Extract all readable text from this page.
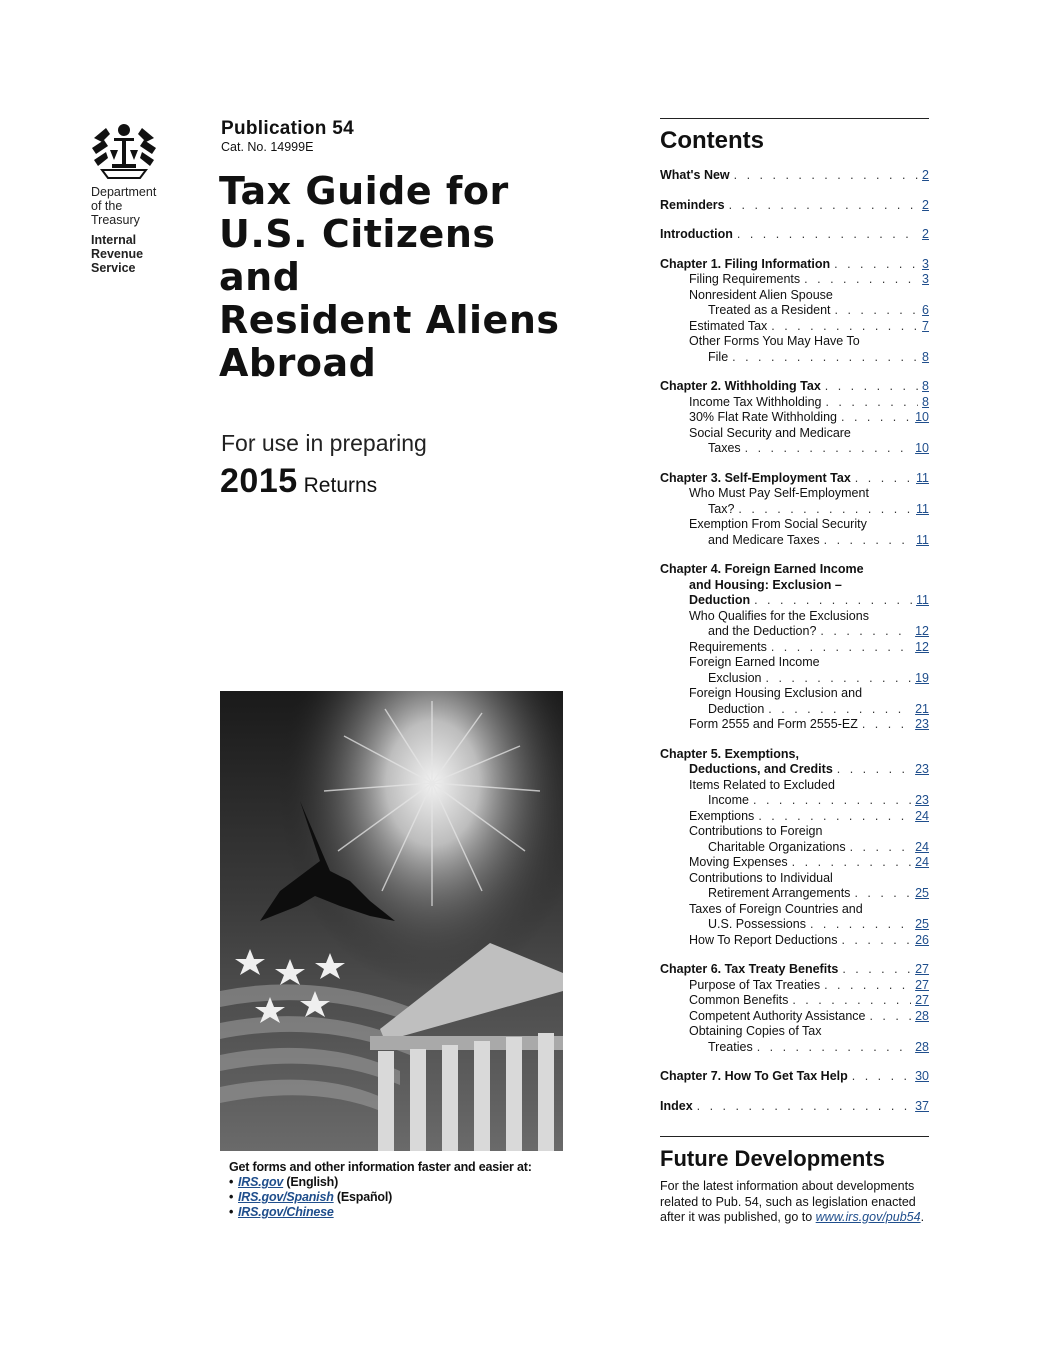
Department
of the
Treasury
Internal
Revenue
Service
Publication 54
Cat. No. 14999E
Tax Guide for
U.S. Citizens
and
Resident Aliens
Abroad
For use in preparing
2015 Returns
Get forms and other information faster and easier at:
• IRS.gov (English)
• IRS.gov/Spanish (Español)
• IRS.gov/Chinese
Contents
What's New . . .	2
Reminders . . .	2
Introduction . . .	2
Chapter 1. Filing Information . . .	3
Filing Requirements . . .	3
Nonresident Alien Spouse
Treated as a Resident . . .	6
Estimated Tax . . .	7
Other Forms You May Have To
File . . .	8
Chapter 2. Withholding Tax . . .	8
Income Tax Withholding . . .	8
30% Flat Rate Withholding . . .	10
Social Security and Medicare
Taxes . . .	10
Chapter 3. Self-Employment Tax . . .	11
Who Must Pay Self-Employment
Tax? . . .	11
Exemption From Social Security
and Medicare Taxes . . .	11
Chapter 4. Foreign Earned Income
and Housing: Exclusion –
Deduction . . .	11
Who Qualifies for the Exclusions
and the Deduction? . . .	12
Requirements . . .	12
Foreign Earned Income
Exclusion . . .	19
Foreign Housing Exclusion and
Deduction . . .	21
Form 2555 and Form 2555-EZ . . .	23
Chapter 5. Exemptions,
Deductions, and Credits . . .	23
Items Related to Excluded
Income . . .	23
Exemptions . . .	24
Contributions to Foreign
Charitable Organizations . . .	24
Moving Expenses . . .	24
Contributions to Individual
Retirement Arrangements . . .	25
Taxes of Foreign Countries and
U.S. Possessions . . .	25
How To Report Deductions . . .	26
Chapter 6. Tax Treaty Benefits . . .	27
Purpose of Tax Treaties . . .	27
Common Benefits . . .	27
Competent Authority Assistance . . .	28
Obtaining Copies of Tax
Treaties . . .	28
Chapter 7. How To Get Tax Help . . .	30
Index . . .	37
Future Developments
For the latest information about developments related to Pub. 54, such as legislation enacted after it was published, go to www.irs.gov/pub54.
